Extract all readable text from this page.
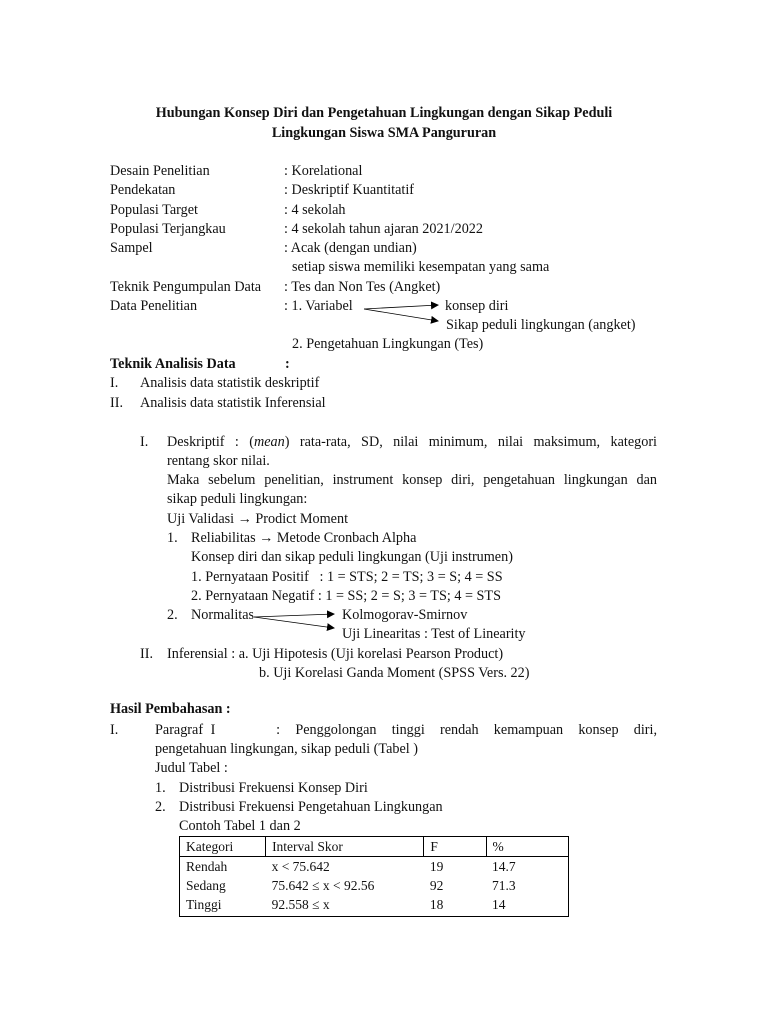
Hubungan Konsep Diri dan Pengetahuan Lingkungan dengan Sikap Peduli
Lingkungan Siswa SMA Pangururan
Desain Penelitian	: Korelational
Pendekatan	: Deskriptif Kuantitatif
Populasi Target	: 4 sekolah
Populasi Terjangkau	: 4 sekolah tahun ajaran 2021/2022
Sampel	: Acak (dengan undian)
setiap siswa memiliki kesempatan yang sama
Teknik Pengumpulan Data : Tes dan Non Tes (Angket)
Data Penelitian	: 1. Variabel	konsep diri
Sikap peduli lingkungan (angket)
2. Pengetahuan Lingkungan (Tes)
Teknik Analisis Data	:
I. Analisis data statistik deskriptif
II. Analisis data statistik Inferensial
I. Deskriptif : (mean) rata-rata, SD, nilai minimum, nilai maksimum, kategori
rentang skor nilai.
Maka sebelum penelitian, instrument konsep diri, pengetahuan lingkungan dan
sikap peduli lingkungan:
Uji Validasi → Prodict Moment
1. Reliabilitas → Metode Cronbach Alpha
Konsep diri dan sikap peduli lingkungan (Uji instrumen)
1. Pernyataan Positif   : 1 = STS; 2 = TS; 3 = S; 4 = SS
2. Pernyataan Negatif : 1 = SS; 2 = S; 3 = TS; 4 = STS
2. Normalitas	Kolmogorav-Smirnov
Uji Linearitas : Test of Linearity
II. Inferensial : a. Uji Hipotesis (Uji korelasi Pearson Product)
b. Uji Korelasi Ganda Moment (SPSS Vers. 22)
Hasil Pembahasan :
I.	Paragraf I        :  Penggolongan  tinggi  rendah  kemampuan  konsep  diri,
pengetahuan lingkungan, sikap peduli (Tabel )
Judul Tabel :
1. Distribusi Frekuensi Konsep Diri
2. Distribusi Frekuensi Pengetahuan Lingkungan
Contoh Tabel 1 dan 2
Kategori	Interval Skor	F	%
Rendah	x < 75.642	19	14.7
Sedang	75.642 ≤ x < 92.56	92	71.3
Tinggi	92.558 ≤ x	18	14
